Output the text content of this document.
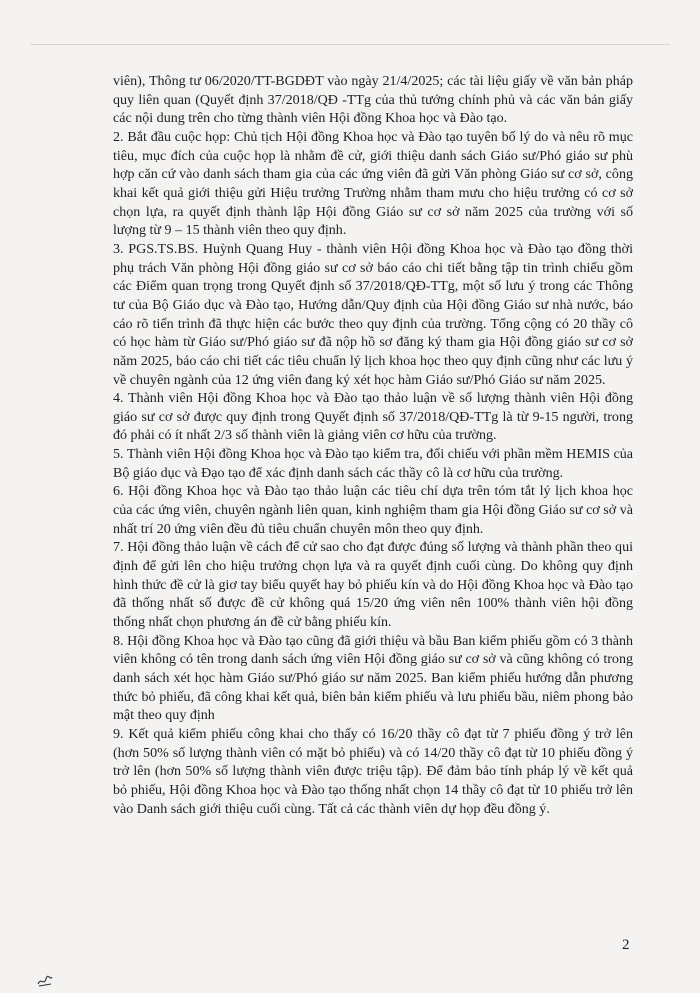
viên), Thông tư 06/2020/TT-BGDĐT vào ngày 21/4/2025; các tài liệu giấy về văn bản pháp quy liên quan (Quyết định 37/2018/QĐ -TTg của thủ tướng chính phủ và các văn bản giấy các nội dung trên cho từng thành viên Hội đồng Khoa học và Đào tạo.

2. Bắt đầu cuộc họp: Chủ tịch Hội đồng Khoa học và Đào tạo tuyên bố lý do và nêu rõ mục tiêu, mục đích của cuộc họp là nhằm đề cử, giới thiệu danh sách Giáo sư/Phó giáo sư phù hợp căn cứ vào danh sách tham gia của các ứng viên đã gửi Văn phòng Giáo sư cơ sở, công khai kết quả giới thiệu gửi Hiệu trưởng Trường nhằm tham mưu cho hiệu trưởng có cơ sở chọn lựa, ra quyết định thành lập Hội đồng Giáo sư cơ sở năm 2025 của trường với số lượng từ 9 – 15 thành viên theo quy định.

3. PGS.TS.BS. Huỳnh Quang Huy - thành viên Hội đồng Khoa học và Đào tạo đồng thời phụ trách Văn phòng Hội đồng giáo sư cơ sở báo cáo chi tiết bằng tập tin trình chiếu gồm các Điểm quan trọng trong Quyết định số 37/2018/QĐ-TTg, một số lưu ý trong các Thông tư của Bộ Giáo dục và Đào tạo, Hướng dẫn/Quy định của Hội đồng Giáo sư nhà nước, báo cáo rõ tiến trình đã thực hiện các bước theo quy định của trường. Tổng cộng có 20 thầy cô có học hàm từ Giáo sư/Phó giáo sư đã nộp hồ sơ đăng ký tham gia Hội đồng giáo sư cơ sở năm 2025, báo cáo chi tiết các tiêu chuẩn lý lịch khoa học theo quy định cũng như các lưu ý về chuyên ngành của 12 ứng viên đang ký xét học hàm Giáo sư/Phó Giáo sư năm 2025.

4. Thành viên Hội đồng Khoa học và Đào tạo thảo luận về số lượng thành viên Hội đồng giáo sư cơ sở được quy định trong Quyết định số 37/2018/QĐ-TTg là từ 9-15 người, trong đó phải có ít nhất 2/3 số thành viên là giảng viên cơ hữu của trường.

5. Thành viên Hội đồng Khoa học và Đào tạo kiểm tra, đối chiếu với phần mềm HEMIS của Bộ giáo dục và Đạo tạo để xác định danh sách các thầy cô là cơ hữu của trường.

6. Hội đồng Khoa học và Đào tạo thảo luận các tiêu chí dựa trên tóm tắt lý lịch khoa học của các ứng viên, chuyên ngành liên quan, kinh nghiệm tham gia Hội đồng Giáo sư cơ sở và nhất trí 20 ứng viên đều đủ tiêu chuẩn chuyên môn theo quy định.

7. Hội đồng thảo luận về cách để cử sao cho đạt được đúng số lượng và thành phần theo qui định để gửi lên cho hiệu trưởng chọn lựa và ra quyết định cuối cùng. Do không quy định hình thức đề cử là giơ tay biểu quyết hay bỏ phiếu kín và do Hội đồng Khoa học và Đào tạo đã thống nhất số được đề cử không quá 15/20 ứng viên nên 100% thành viên hội đồng thống nhất chọn phương án đề cử bằng phiếu kín.

8. Hội đồng Khoa học và Đào tạo cũng đã giới thiệu và bầu Ban kiểm phiếu gồm có 3 thành viên không có tên trong danh sách ứng viên Hội đồng giáo sư cơ sở và cũng không có trong danh sách xét học hàm Giáo sư/Phó giáo sư năm 2025. Ban kiểm phiếu hướng dẫn phương thức bỏ phiếu, đã công khai kết quả, biên bản kiểm phiếu và lưu phiếu bầu, niêm phong bảo mật theo quy định

9. Kết quả kiểm phiếu công khai cho thấy có 16/20 thầy cô đạt từ 7 phiếu đồng ý trở lên (hơn 50% số lượng thành viên có mặt bỏ phiếu) và có 14/20 thầy cô đạt từ 10 phiếu đồng ý trở lên (hơn 50% số lượng thành viên được triệu tập). Để đảm bảo tính pháp lý về kết quả bỏ phiếu, Hội đồng Khoa học và Đào tạo thống nhất chọn 14 thầy cô đạt từ 10 phiếu trở lên vào Danh sách giới thiệu cuối cùng. Tất cả các thành viên dự họp đều đồng ý.

2
